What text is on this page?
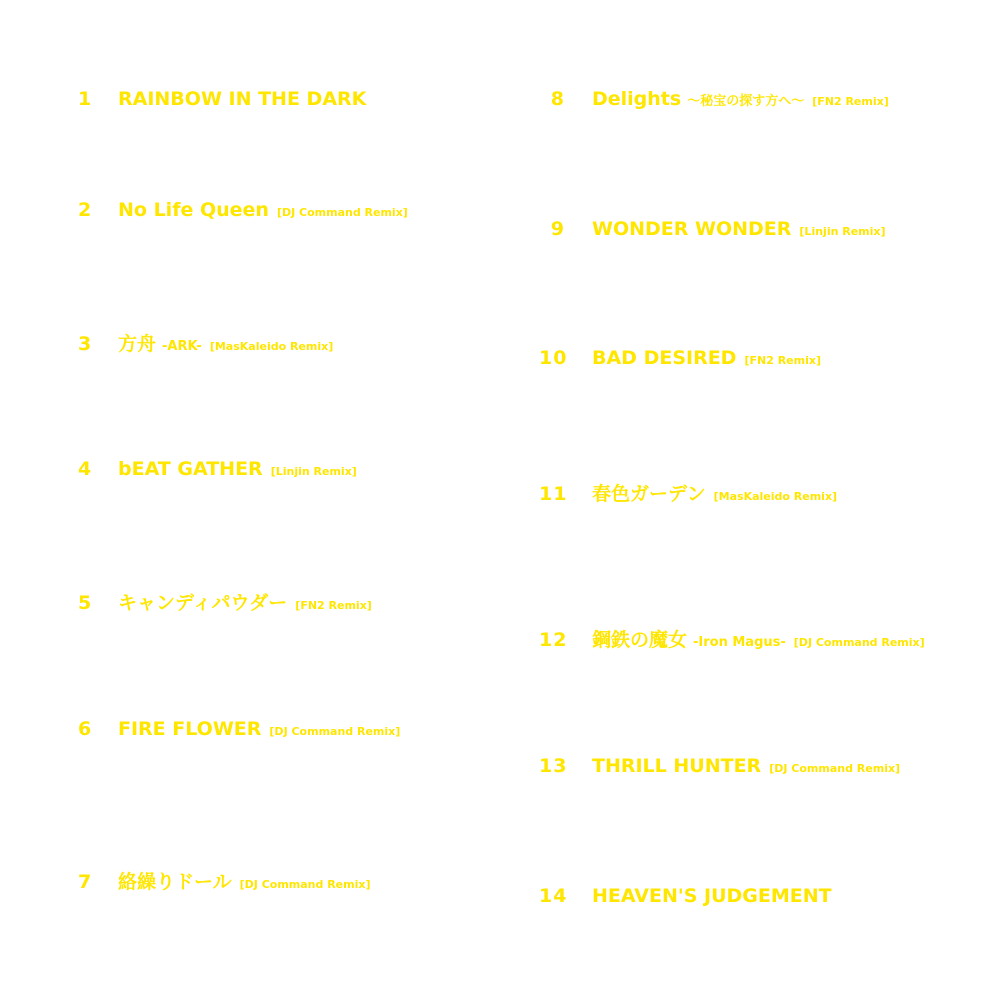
1 RAINBOW IN THE DARK
2 No Life Queen [DJ Command Remix]
3 方舟 -ARK- [MasKaleido Remix]
4 bEAT GATHER [Linjin Remix]
5 キャンディパウダー [FN2 Remix]
6 FIRE FLOWER [DJ Command Remix]
7 絡繰りドール [DJ Command Remix]
8 Delights ～秘宝の探す方へ～ [FN2 Remix]
9 WONDER WONDER [Linjin Remix]
10 BAD DESIRED [FN2 Remix]
11 春色ガーデン [MasKaleido Remix]
12 鋼鉄の魔女 -Iron Magus- [DJ Command Remix]
13 THRILL HUNTER [DJ Command Remix]
14 HEAVEN'S JUDGEMENT
